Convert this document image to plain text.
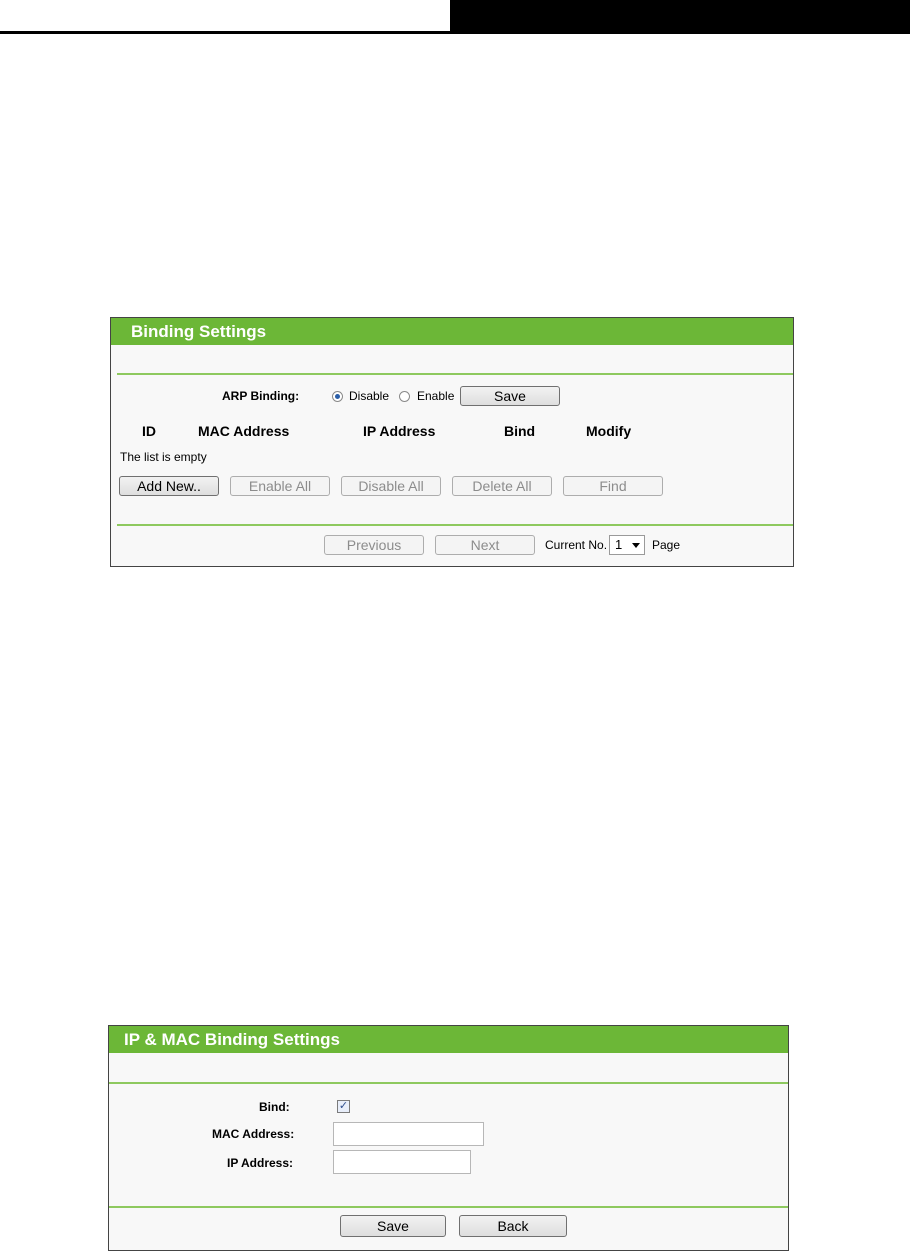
Binding Settings
ARP Binding:	Disable Enable	Save
ID	MAC Address	IP Address	Bind	Modify
The list is empty
Add New..	Enable All	Disable All	Delete All	Find
Previous	Next	Current No. 1	Page
IP & MAC Binding Settings
Bind:	✓
MAC Address:
IP Address:
Save	Back
